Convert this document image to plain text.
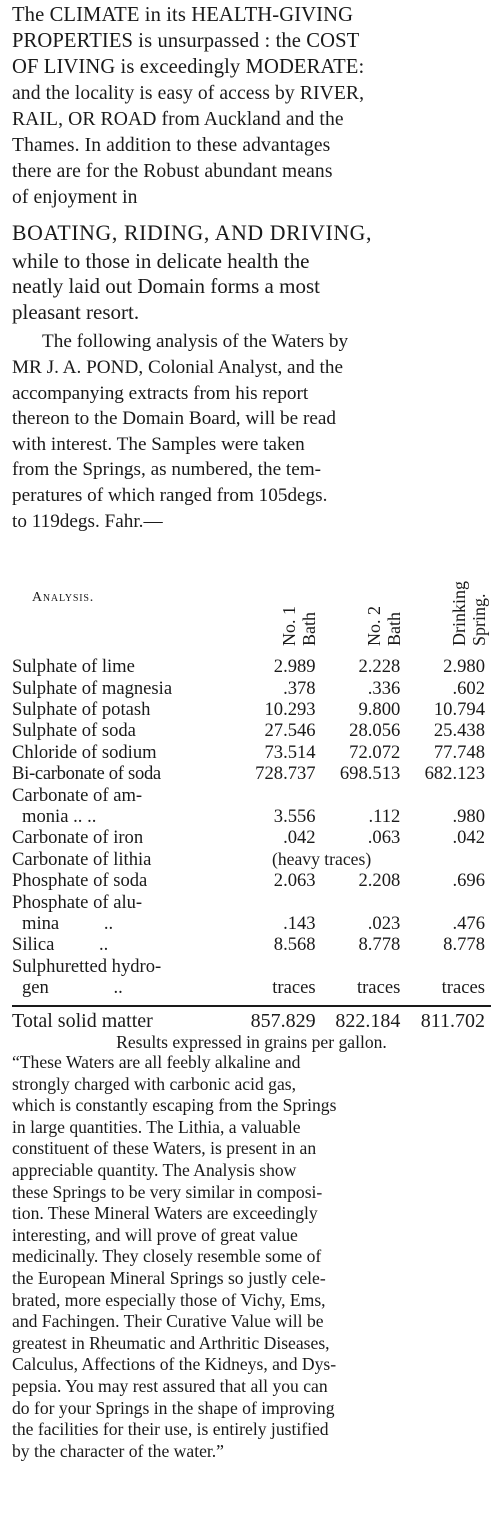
The CLIMATE in its HEALTH-GIVING
PROPERTIES is unsurpassed : the COST
OF LIVING is exceedingly MODERATE:
and the locality is easy of access by RIVER,
RAIL, OR ROAD from Auckland and the
Thames. In addition to these advantages
there are for the Robust abundant means
of enjoyment in
BOATING, RIDING, AND DRIVING,
while to those in delicate health the
neatly laid out Domain forms a most
pleasant resort.
The following analysis of the Waters by
MR J. A. POND, Colonial Analyst, and the
accompanying extracts from his report
thereon to the Domain Board, will be read
with interest. The Samples were taken
from the Springs, as numbered, the tem-
peratures of which ranged from 105degs.
to 119degs. Fahr.—
Analysis.	No. 1 Bath	No. 2 Bath	Drinking Spring.

Sulphate of lime	2.989	2.228	2.980
Sulphate of magnesia	.378	.336	.602
Sulphate of potash	10.293	9.800	10.794
Sulphate of soda	27.546	28.056	25.438
Chloride of sodium	73.514	72.072	77.748
Bi-carbonate of soda	728.737	698.513	682.123
Carbonate of am-			
monia .. ..	3.556	.112	.980
Carbonate of iron	.042	.063	.042
Carbonate of lithia	(heavy traces)		
Phosphate of soda	2.063	2.208	.696
Phosphate of alu-			
mina ..	.143	.023	.476
Silica ..	8.568	8.778	8.778
Sulphuretted hydro-			
gen ..	traces	traces	traces

Total solid matter	857.829	822.184	811.702

Results expressed in grains per gallon.

“These Waters are all feebly alkaline and
strongly charged with carbonic acid gas,
which is constantly escaping from the Springs
in large quantities. The Lithia, a valuable
constituent of these Waters, is present in an
appreciable quantity. The Analysis show
these Springs to be very similar in composi-
tion. These Mineral Waters are exceedingly
interesting, and will prove of great value
medicinally. They closely resemble some of
the European Mineral Springs so justly cele-
brated, more especially those of Vichy, Ems,
and Fachingen. Their Curative Value will be
greatest in Rheumatic and Arthritic Diseases,
Calculus, Affections of the Kidneys, and Dys-
pepsia. You may rest assured that all you can
do for your Springs in the shape of improving
the facilities for their use, is entirely justified
by the character of the water.”
